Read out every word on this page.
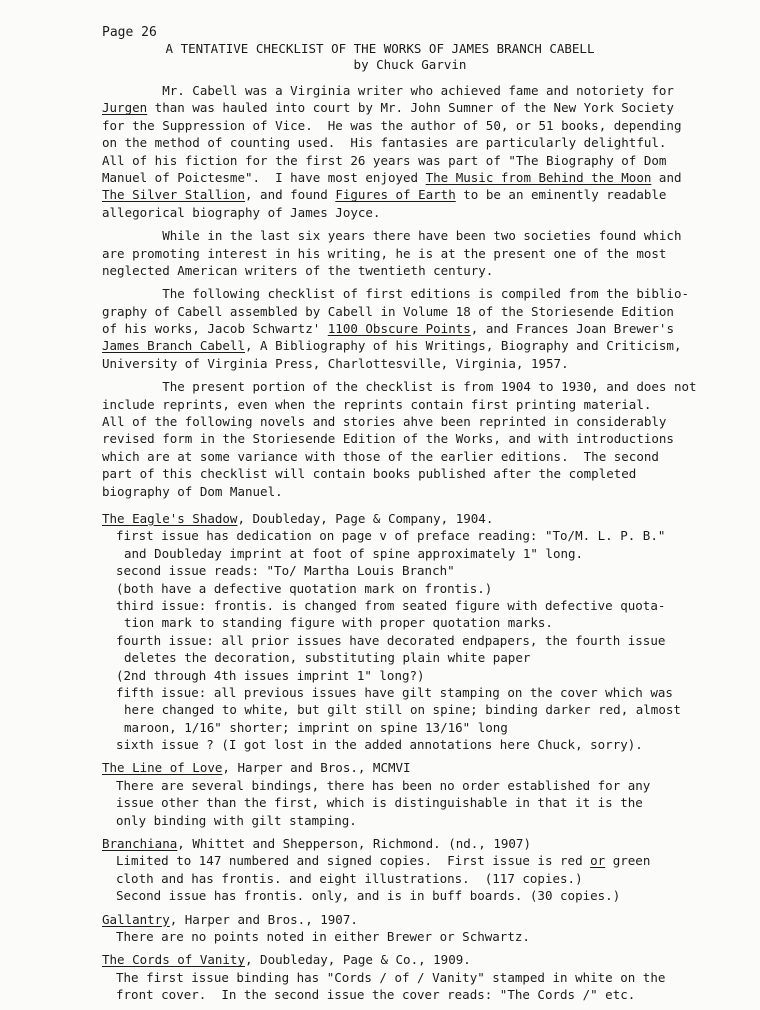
Page 26
A TENTATIVE CHECKLIST OF THE WORKS OF JAMES BRANCH CABELL
by Chuck Garvin
Mr. Cabell was a Virginia writer who achieved fame and notoriety for
Jurgen than was hauled into court by Mr. John Sumner of the New York Society
for the Suppression of Vice.  He was the author of 50, or 51 books, depending
on the method of counting used.  His fantasies are particularly delightful.
All of his fiction for the first 26 years was part of "The Biography of Dom
Manuel of Poictesme".  I have most enjoyed The Music from Behind the Moon and
The Silver Stallion, and found Figures of Earth to be an eminently readable
allegorical biography of James Joyce.
While in the last six years there have been two societies found which
are promoting interest in his writing, he is at the present one of the most
neglected American writers of the twentieth century.
The following checklist of first editions is compiled from the biblio-
graphy of Cabell assembled by Cabell in Volume 18 of the Storiesende Edition
of his works, Jacob Schwartz' 1100 Obscure Points, and Frances Joan Brewer's
James Branch Cabell, A Bibliography of his Writings, Biography and Criticism,
University of Virginia Press, Charlottesville, Virginia, 1957.
The present portion of the checklist is from 1904 to 1930, and does not
include reprints, even when the reprints contain first printing material.
All of the following novels and stories ahve been reprinted in considerably
revised form in the Storiesende Edition of the Works, and with introductions
which are at some variance with those of the earlier editions.  The second
part of this checklist will contain books published after the completed
biography of Dom Manuel.
The Eagle's Shadow, Doubleday, Page & Company, 1904.
first issue has dedication on page v of preface reading: "To/M. L. P. B."
and Doubleday imprint at foot of spine approximately 1" long.
second issue reads: "To/ Martha Louis Branch"
(both have a defective quotation mark on frontis.)
third issue: frontis. is changed from seated figure with defective quota-
tion mark to standing figure with proper quotation marks.
fourth issue: all prior issues have decorated endpapers, the fourth issue
deletes the decoration, substituting plain white paper
(2nd through 4th issues imprint 1" long?)
fifth issue: all previous issues have gilt stamping on the cover which was
here changed to white, but gilt still on spine; binding darker red, almost
maroon, 1/16" shorter; imprint on spine 13/16" long
sixth issue ? (I got lost in the added annotations here Chuck, sorry).
The Line of Love, Harper and Bros., MCMVI
There are several bindings, there has been no order established for any
issue other than the first, which is distinguishable in that it is the
only binding with gilt stamping.
Branchiana, Whittet and Shepperson, Richmond. (nd., 1907)
Limited to 147 numbered and signed copies.  First issue is red or green
cloth and has frontis. and eight illustrations.  (117 copies.)
Second issue has frontis. only, and is in buff boards. (30 copies.)
Gallantry, Harper and Bros., 1907.
There are no points noted in either Brewer or Schwartz.
The Cords of Vanity, Doubleday, Page & Co., 1909.
The first issue binding has "Cords / of / Vanity" stamped in white on the
front cover.  In the second issue the cover reads: "The Cords /" etc.
